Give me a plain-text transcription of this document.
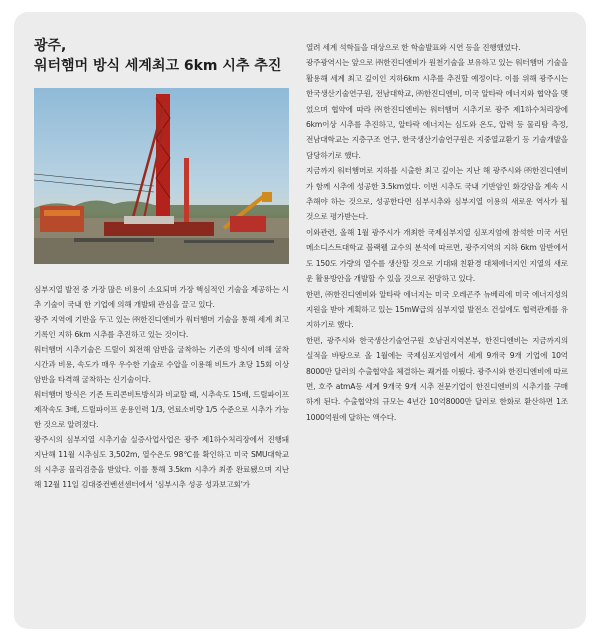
광주,
워터햄머 방식 세계최고 6km 시추 추진

심부지열 발전 중 가장 많은 비용이 소요되며 가장 핵심적인 기술을 제공하는 시추 기술이 국내 한 기업에 의해 개발돼 관심을 끌고 있다.

광주 지역에 기반을 두고 있는 ㈜한진디엔비가 워터햄머 기술을 통해 세계 최고 기록인 지하 6km 시추를 추진하고 있는 것이다.

워터햄머 시추기술은 드릴이 회전해 암반을 굴착하는 기존의 방식에 비해 굴착시간과 비용, 속도가 매우 우수한 기술로 수압을 이용해 비트가 초당 15회 이상 암반을 타격해 굴착하는 신기술이다.

워터햄머 방식은 기존 트리콘비트방식과 비교할 때, 시추속도 15배, 드릴파이프 제작속도 3배, 드릴파이프 운용인력 1/3, 연료소비량 1/5 수준으로 시추가 가능한 것으로 알려졌다.

광주시의 심부지열 시추기술 실증사업사업은 광주 제1하수처리장에서 진행돼 지난해 11월 시추심도 3,502m, 열수온도 98℃를 확인하고 미국 SMU대학교의 시추공 물리검층을 받았다. 이를 통해 3.5km 시추가 최종 완료됐으며 지난해 12월 11일 김대중컨벤션센터에서 '심부시추 성공 성과보고회'가

열려 세계 석학들을 대상으로 한 학술발표와 시연 등을 진행했었다.

광주광역시는 앞으로 ㈜한진디엔비가 원천기술을 보유하고 있는 워터햄머 기술을 활용해 세계 최고 깊이인 지하6km 시추를 추진할 예정이다. 이를 위해 광주시는 한국생산기술연구원, 전남대학교, ㈜한진디엔비, 미국 알타락 에너지와 협약을 맺었으며 협약에 따라 ㈜한진디엔비는 워터햄머 시추기로 광주 제1하수처리장에 6km이상 시추를 추진하고, 알타락 에너지는 심도와 온도, 압력 등 물리탐 측정, 전남대학교는 지층구조 연구, 한국생산기술연구원은 지중열교환기 등 기술개발을 담당하기로 했다.

지금까지 워터햄머로 지하를 시출한 최고 깊이는 지난 해 광주시와 ㈜한진디엔비가 함께 시추에 성공한 3.5km였다. 이번 시추도 국내 기반암인 화강암을 계속 시추해야 하는 것으로, 성공한다면 심부시추와 심부지열 이용의 새로운 역사가 될 것으로 평가받는다.

이와관련, 올해 1월 광주시가 개최한 국제심부지열 심포지엄에 참석한 미국 서던 메소디스트대학교 블랙웰 교수의 분석에 따르면, 광주지역의 지하 6km 암반에서도 150도 가량의 열수를 생산할 것으로 기대돼 친환경 대체에너지인 지열의 새로운 활용방안을 개발할 수 있을 것으로 전망하고 있다.

한편, ㈜한진디엔비와 알타락 에너지는 미국 오레곤주 뉴베리에 미국 에너지성의 지원을 받아 계획하고 있는 15mW급의 심부지열 발전소 건설에도 협력관계를 유지하기로 했다.

한편, 광주시와 한국생산기술연구원 호남권지역본부, 한진디엔비는 지금까지의 실적을 바탕으로 올 1월에는 국제심포지엄에서 세계 9개국 9개 기업에 10억8000만 달러의 수출협약을 체결하는 쾌거를 이뤘다. 광주시와 한진디엔비에 따르면, 호주 atmA등 세계 9개국 9개 시추 전문기업이 한진디엔비의 시추기를 구매하게 된다. 수출협약의 규모는 4년간 10억8000만 달러로 한화로 환산하면 1조 1000억원에 달하는 액수다.
